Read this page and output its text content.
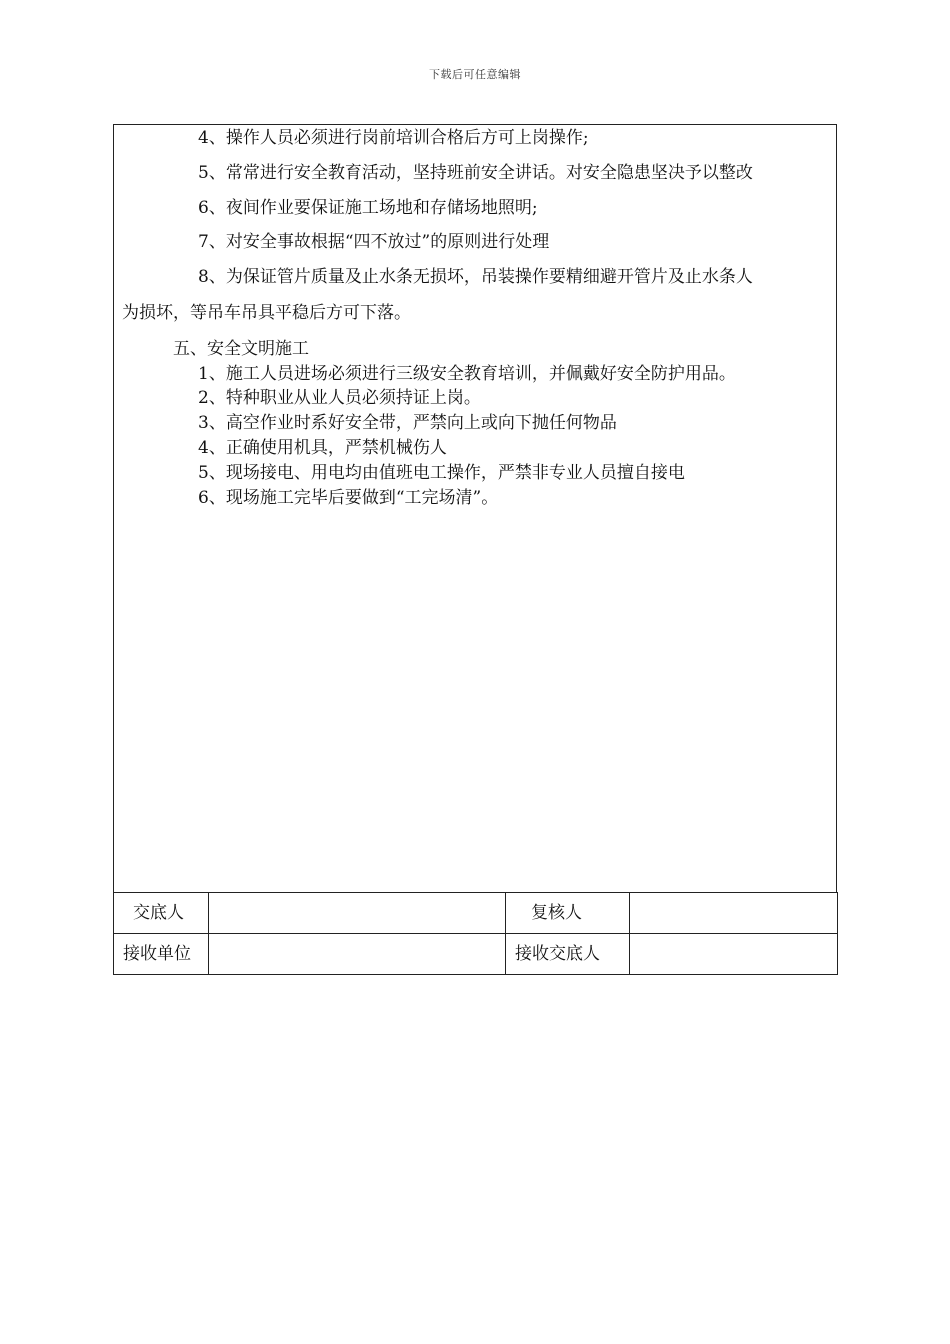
下载后可任意编辑
4、操作人员必须进行岗前培训合格后方可上岗操作;
5、常常进行安全教育活动，坚持班前安全讲话。对安全隐患坚决予以整改
6、夜间作业要保证施工场地和存储场地照明;
7、对安全事故根据“四不放过”的原则进行处理
8、为保证管片质量及止水条无损坏，吊装操作要精细避开管片及止水条人
为损坏，等吊车吊具平稳后方可下落。
五、安全文明施工
1、施工人员进场必须进行三级安全教育培训，并佩戴好安全防护用品。
2、特种职业从业人员必须持证上岗。
3、高空作业时系好安全带，严禁向上或向下抛任何物品
4、正确使用机具，严禁机械伤人
5、现场接电、用电均由值班电工操作，严禁非专业人员擅自接电
6、现场施工完毕后要做到“工完场清”。
交底人		复核人	
接收单位		接收交底人	
